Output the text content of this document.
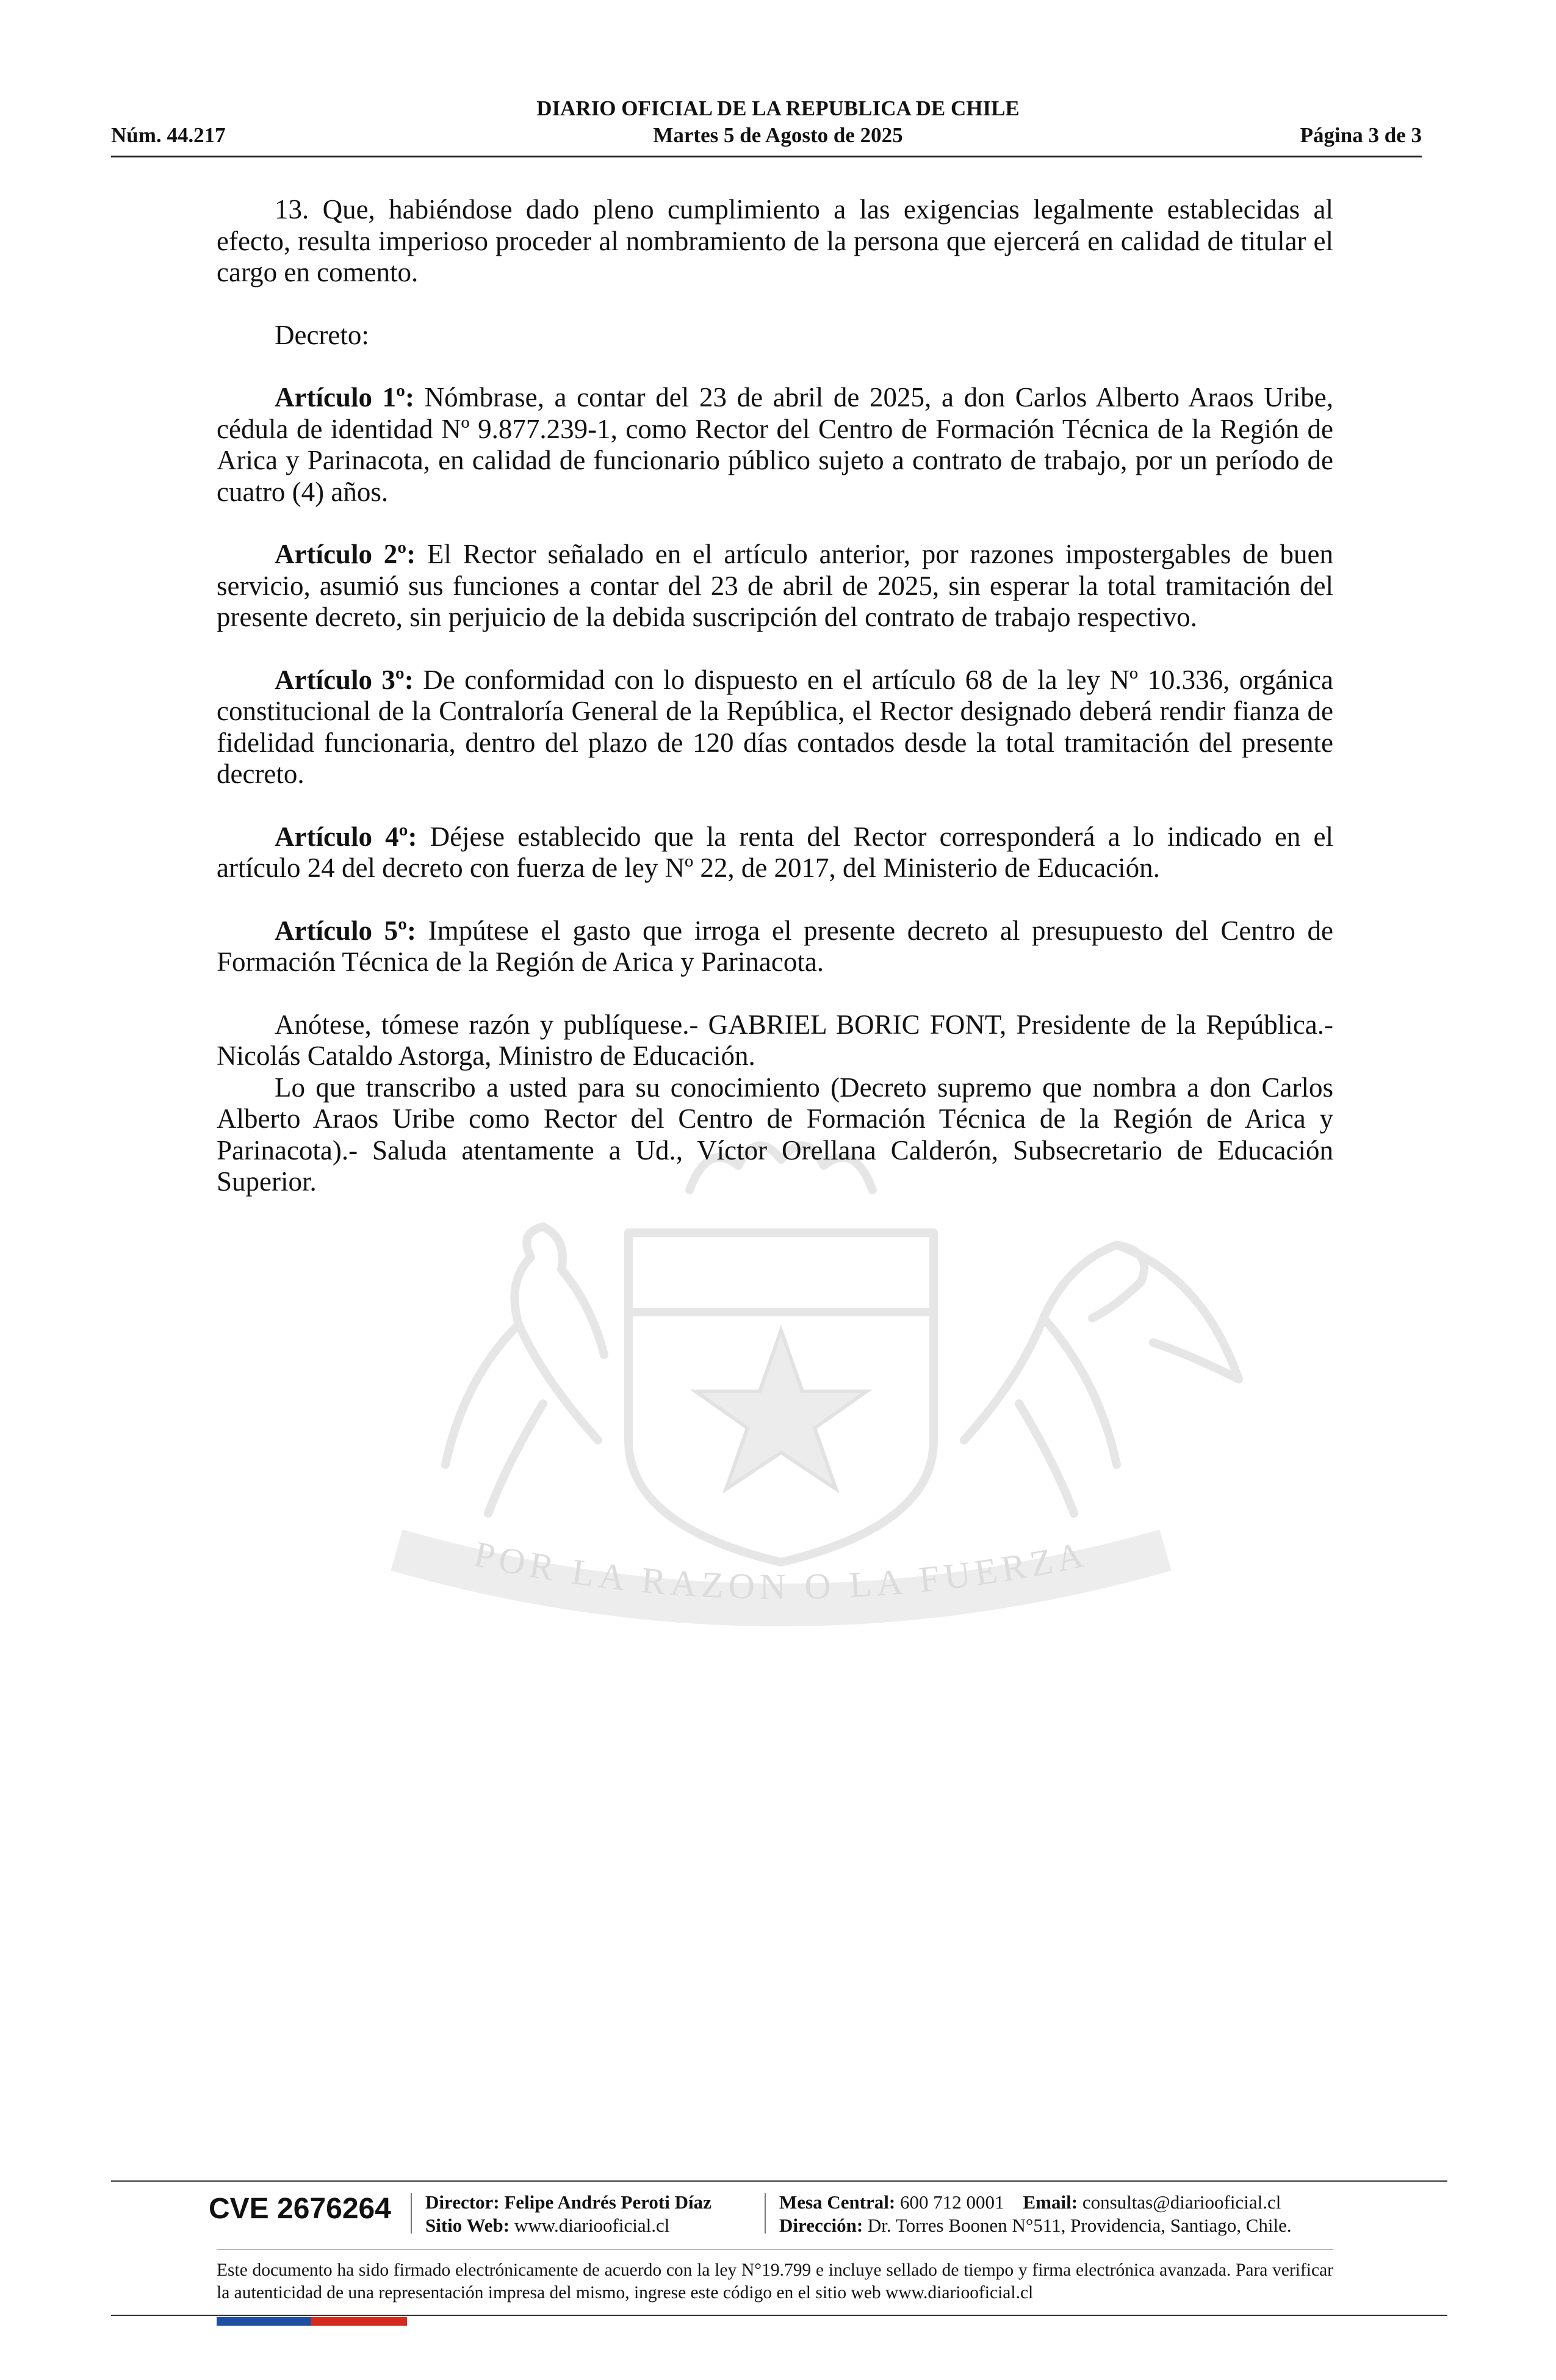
DIARIO OFICIAL DE LA REPUBLICA DE CHILE
Núm. 44.217	Martes 5 de Agosto de 2025	Página 3 de 3
POR LA RAZON O LA FUERZA

13. Que, habiéndose dado pleno cumplimiento a las exigencias legalmente establecidas al efecto, resulta imperioso proceder al nombramiento de la persona que ejercerá en calidad de titular el cargo en comento.

Decreto:

Artículo 1º: Nómbrase, a contar del 23 de abril de 2025, a don Carlos Alberto Araos Uribe, cédula de identidad Nº 9.877.239-1, como Rector del Centro de Formación Técnica de la Región de Arica y Parinacota, en calidad de funcionario público sujeto a contrato de trabajo, por un período de cuatro (4) años.

Artículo 2º: El Rector señalado en el artículo anterior, por razones impostergables de buen servicio, asumió sus funciones a contar del 23 de abril de 2025, sin esperar la total tramitación del presente decreto, sin perjuicio de la debida suscripción del contrato de trabajo respectivo.

Artículo 3º: De conformidad con lo dispuesto en el artículo 68 de la ley Nº 10.336, orgánica constitucional de la Contraloría General de la República, el Rector designado deberá rendir fianza de fidelidad funcionaria, dentro del plazo de 120 días contados desde la total tramitación del presente decreto.

Artículo 4º: Déjese establecido que la renta del Rector corresponderá a lo indicado en el artículo 24 del decreto con fuerza de ley Nº 22, de 2017, del Ministerio de Educación.

Artículo 5º: Impútese el gasto que irroga el presente decreto al presupuesto del Centro de Formación Técnica de la Región de Arica y Parinacota.

Anótese, tómese razón y publíquese.- GABRIEL BORIC FONT, Presidente de la República.- Nicolás Cataldo Astorga, Ministro de Educación.

Lo que transcribo a usted para su conocimiento (Decreto supremo que nombra a don Carlos Alberto Araos Uribe como Rector del Centro de Formación Técnica de la Región de Arica y Parinacota).- Saluda atentamente a Ud., Víctor Orellana Calderón, Subsecretario de Educación Superior.

CVE 2676264 Director: Felipe Andrés Peroti Díaz
Sitio Web: www.diariooficial.cl
Mesa Central: 600 712 0001 Email: consultas@diariooficial.cl
Dirección: Dr. Torres Boonen N°511, Providencia, Santiago, Chile.
Este documento ha sido firmado electrónicamente de acuerdo con la ley N°19.799 e incluye sellado de tiempo y firma electrónica avanzada. Para verificar la autenticidad de una representación impresa del mismo, ingrese este código en el sitio web www.diariooficial.cl
